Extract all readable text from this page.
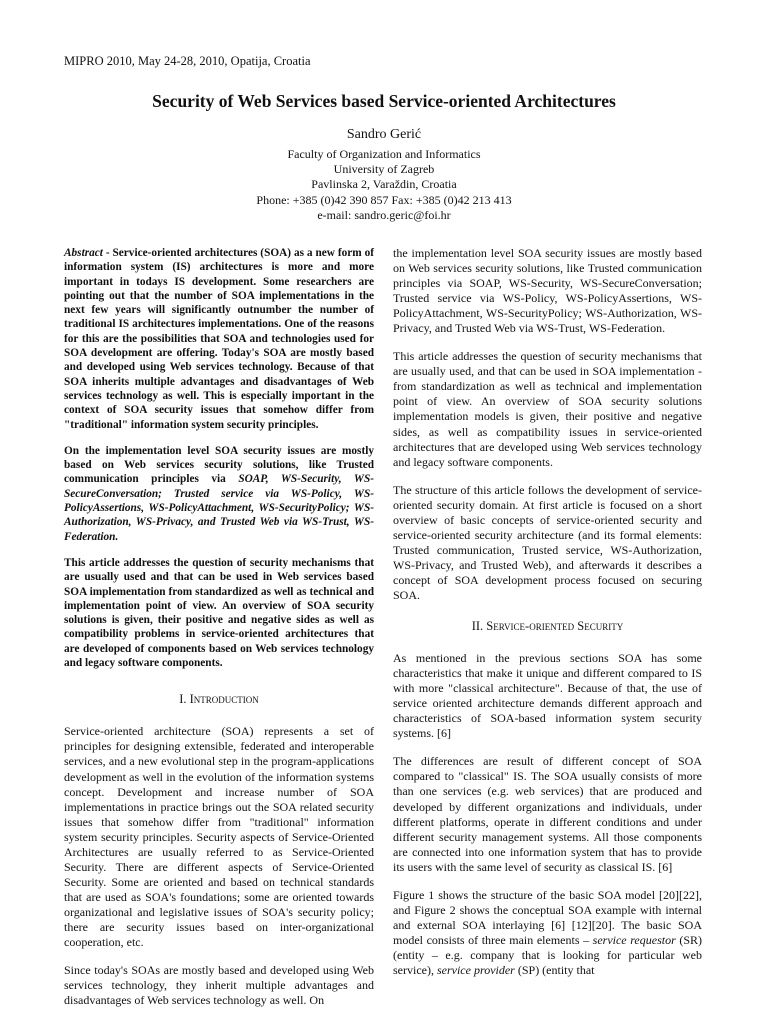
MIPRO 2010, May 24-28, 2010, Opatija, Croatia
Security of Web Services based Service-oriented Architectures
Sandro Gerić
Faculty of Organization and Informatics
University of Zagreb
Pavlinska 2, Varaždin, Croatia
Phone: +385 (0)42 390 857 Fax: +385 (0)42 213 413
e-mail: sandro.geric@foi.hr

Abstract - Service-oriented architectures (SOA) as a new form of information system (IS) architectures is more and more important in todays IS development. Some researchers are pointing out that the number of SOA implementations in the next few years will significantly outnumber the number of traditional IS architectures implementations. One of the reasons for this are the possibilities that SOA and technologies used for SOA development are offering. Today's SOA are mostly based and developed using Web services technology. Because of that SOA inherits multiple advantages and disadvantages of Web services technology as well. This is especially important in the context of SOA security issues that somehow differ from "traditional" information system security principles.

On the implementation level SOA security issues are mostly based on Web services security solutions, like Trusted communication principles via SOAP, WS-Security, WS-SecureConversation; Trusted service via WS-Policy, WS-PolicyAssertions, WS-PolicyAttachment, WS-SecurityPolicy; WS-Authorization, WS-Privacy, and Trusted Web via WS-Trust, WS-Federation.

This article addresses the question of security mechanisms that are usually used and that can be used in Web services based SOA implementation from standardized as well as technical and implementation point of view. An overview of SOA security solutions is given, their positive and negative sides as well as compatibility problems in service-oriented architectures that are developed of components based on Web services technology and legacy software components.

I. Introduction

Service-oriented architecture (SOA) represents a set of principles for designing extensible, federated and interoperable services, and a new evolutional step in the program-applications development as well in the evolution of the information systems concept. Development and increase number of SOA implementations in practice brings out the SOA related security issues that somehow differ from "traditional" information system security principles. Security aspects of Service-Oriented Architectures are usually referred to as Service-Oriented Security. There are different aspects of Service-Oriented Security. Some are oriented and based on technical standards that are used as SOA's foundations; some are oriented towards organizational and legislative issues of SOA's security policy; there are security issues based on inter-organizational cooperation, etc.

Since today's SOAs are mostly based and developed using Web services technology, they inherit multiple advantages and disadvantages of Web services technology as well. On

the implementation level SOA security issues are mostly based on Web services security solutions, like Trusted communication principles via SOAP, WS-Security, WS-SecureConversation; Trusted service via WS-Policy, WS-PolicyAssertions, WS-PolicyAttachment, WS-SecurityPolicy; WS-Authorization, WS-Privacy, and Trusted Web via WS-Trust, WS-Federation.

This article addresses the question of security mechanisms that are usually used, and that can be used in SOA implementation - from standardization as well as technical and implementation point of view. An overview of SOA security solutions implementation models is given, their positive and negative sides, as well as compatibility issues in service-oriented architectures that are developed using Web services technology and legacy software components.

The structure of this article follows the development of service-oriented security domain. At first article is focused on a short overview of basic concepts of service-oriented security and service-oriented security architecture (and its formal elements: Trusted communication, Trusted service, WS-Authorization, WS-Privacy, and Trusted Web), and afterwards it describes a concept of SOA development process focused on securing SOA.

II. Service-oriented Security

As mentioned in the previous sections SOA has some characteristics that make it unique and different compared to IS with more "classical architecture". Because of that, the use of service oriented architecture demands different approach and characteristics of SOA-based information system security systems. [6]

The differences are result of different concept of SOA compared to "classical" IS. The SOA usually consists of more than one services (e.g. web services) that are produced and developed by different organizations and individuals, under different platforms, operate in different conditions and under different security management systems. All those components are connected into one information system that has to provide its users with the same level of security as classical IS. [6]

Figure 1 shows the structure of the basic SOA model [20][22], and Figure 2 shows the conceptual SOA example with internal and external SOA interlaying [6] [12][20]. The basic SOA model consists of three main elements – service requestor (SR) (entity – e.g. company that is looking for particular web service), service provider (SP) (entity that
